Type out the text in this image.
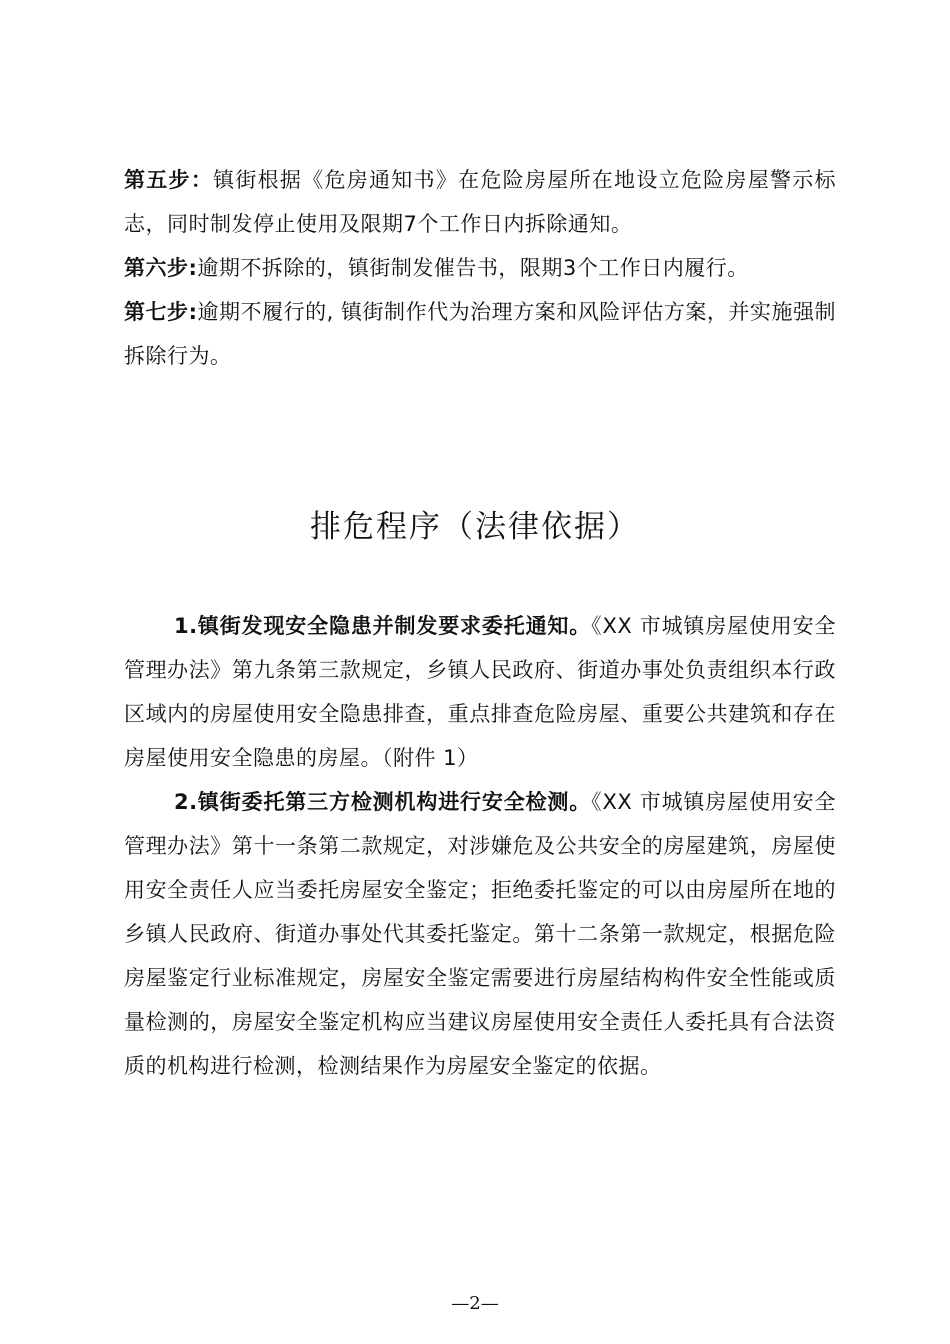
第五步：镇街根据《危房通知书》在危险房屋所在地设立危险房屋警示标志，同时制发停止使用及限期7个工作日内拆除通知。

第六步:逾期不拆除的，镇街制发催告书，限期3个工作日内履行。

第七步:逾期不履行的, 镇街制作代为治理方案和风险评估方案，并实施强制拆除行为。

排危程序（法律依据）

1.镇街发现安全隐患并制发要求委托通知。《XX 市城镇房屋使用安全管理办法》第九条第三款规定，乡镇人民政府、街道办事处负责组织本行政区域内的房屋使用安全隐患排查，重点排查危险房屋、重要公共建筑和存在房屋使用安全隐患的房屋。（附件 1）

2.镇街委托第三方检测机构进行安全检测。《XX 市城镇房屋使用安全管理办法》第十一条第二款规定，对涉嫌危及公共安全的房屋建筑，房屋使用安全责任人应当委托房屋安全鉴定；拒绝委托鉴定的可以由房屋所在地的乡镇人民政府、街道办事处代其委托鉴定。第十二条第一款规定，根据危险房屋鉴定行业标准规定，房屋安全鉴定需要进行房屋结构构件安全性能或质量检测的，房屋安全鉴定机构应当建议房屋使用安全责任人委托具有合法资质的机构进行检测，检测结果作为房屋安全鉴定的依据。

—2—
